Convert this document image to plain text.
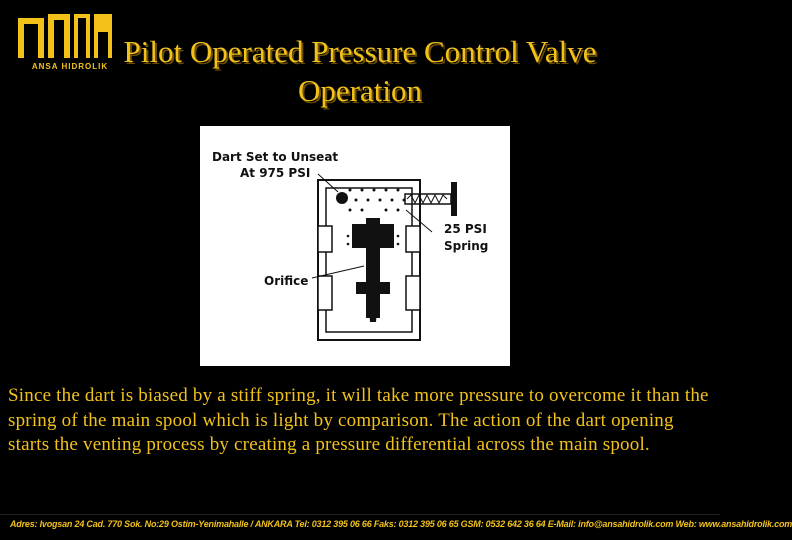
ANSA HIDROLIK Pilot Operated Pressure Control Valve
Operation
Dart Set to Unseat
At 975 PSI
25 PSI
Spring
Orifice
Since the dart is biased by a stiff spring, it will take more pressure to overcome it than the spring of the main spool which is light by comparison. The action of the dart opening starts the venting process by creating a pressure differential across the main spool.
Adres: Ivogsan 24 Cad. 770 Sok. No:29 Ostim-Yenimahalle / ANKARA Tel: 0312 395 06 66 Faks: 0312 395 06 65 GSM: 0532 642 36 64 E-Mail: info@ansahidrolik.com Web: www.ansahidrolik.com
